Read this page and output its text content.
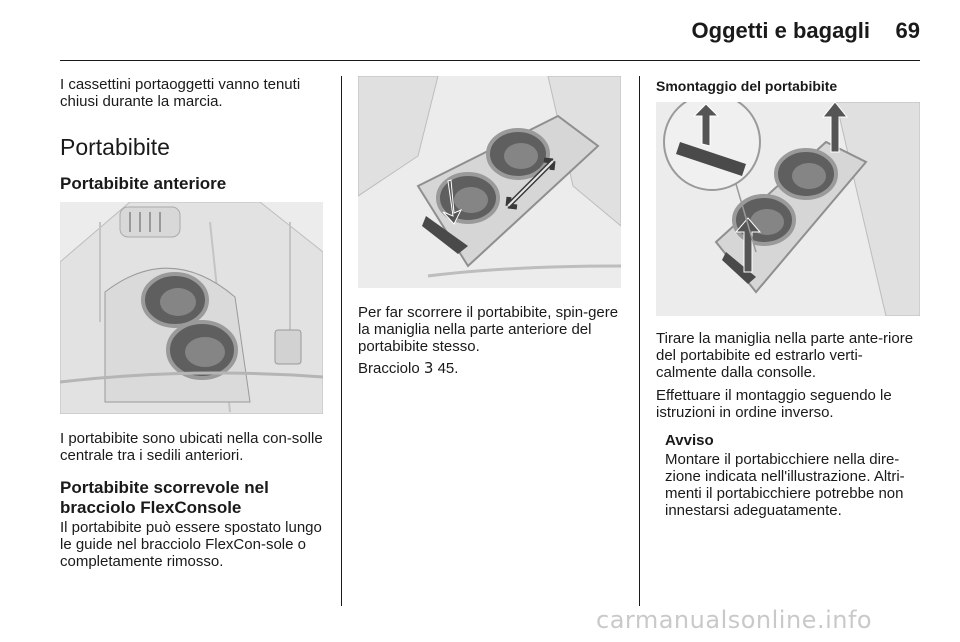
Oggetti e bagagli	69

I cassettini portaoggetti vanno tenuti chiusi durante la marcia.

Portabibite
Portabibite anteriore

I portabibite sono ubicati nella con-solle centrale tra i sedili anteriori.

Portabibite scorrevole nel bracciolo FlexConsole

Il portabibite può essere spostato lungo le guide nel bracciolo FlexCon-sole o completamente rimosso.

Per far scorrere il portabibite, spin-gere la maniglia nella parte anteriore del portabibite stesso.

Bracciolo 3 45.

Smontaggio del portabibite

Tirare la maniglia nella parte ante-riore del portabibite ed estrarlo verti-calmente dalla consolle.

Effettuare il montaggio seguendo le istruzioni in ordine inverso.

Avviso

Montare il portabicchiere nella dire-zione indicata nell'illustrazione. Altri-menti il portabicchiere potrebbe non innestarsi adeguatamente.

carmanualsonline.info
